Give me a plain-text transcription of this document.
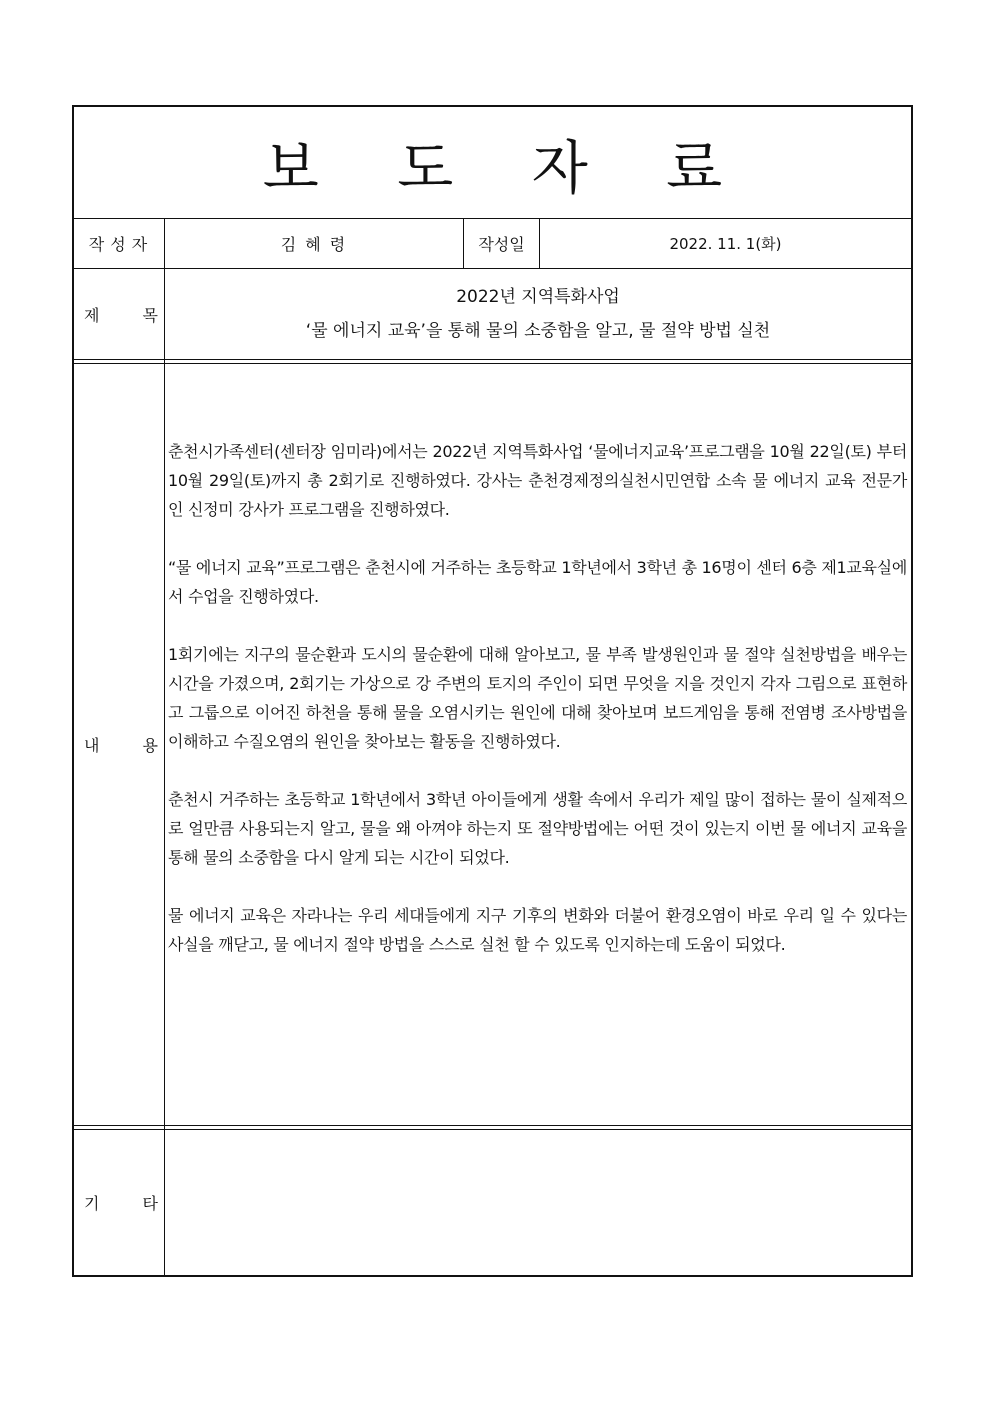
보 도 자 료
작 성 자	김 혜 령	작성일	2022. 11. 1(화)
제	목
2022년 지역특화사업
‘물 에너지 교육’을 통해 물의 소중함을 알고, 물 절약 방법 실천
내	용

춘천시가족센터(센터장 임미라)에서는 2022년 지역특화사업 ‘물에너지교육’프로그램을 10월 22일(토) 부터 10월 29일(토)까지 총 2회기로 진행하였다. 강사는 춘천경제정의실천시민연합 소속 물 에너지 교육 전문가인 신정미 강사가 프로그램을 진행하였다.

“물 에너지 교육”프로그램은 춘천시에 거주하는 초등학교 1학년에서 3학년 총 16명이 센터 6층 제1교육실에서 수업을 진행하였다.

1회기에는 지구의 물순환과 도시의 물순환에 대해 알아보고, 물 부족 발생원인과 물 절약 실천방법을 배우는 시간을 가졌으며, 2회기는 가상으로 강 주변의 토지의 주인이 되면 무엇을 지을 것인지 각자 그림으로 표현하고 그룹으로 이어진 하천을 통해 물을 오염시키는 원인에 대해 찾아보며 보드게임을 통해 전염병 조사방법을 이해하고 수질오염의 원인을 찾아보는 활동을 진행하였다.

춘천시 거주하는 초등학교 1학년에서 3학년 아이들에게 생활 속에서 우리가 제일 많이 접하는 물이 실제적으로 얼만큼 사용되는지 알고, 물을 왜 아껴야 하는지 또 절약방법에는 어떤 것이 있는지 이번 물 에너지 교육을 통해 물의 소중함을 다시 알게 되는 시간이 되었다.

물 에너지 교육은 자라나는 우리 세대들에게 지구 기후의 변화와 더불어 환경오염이 바로 우리 일 수 있다는 사실을 깨닫고, 물 에너지 절약 방법을 스스로 실천 할 수 있도록 인지하는데 도움이 되었다.

기	타
